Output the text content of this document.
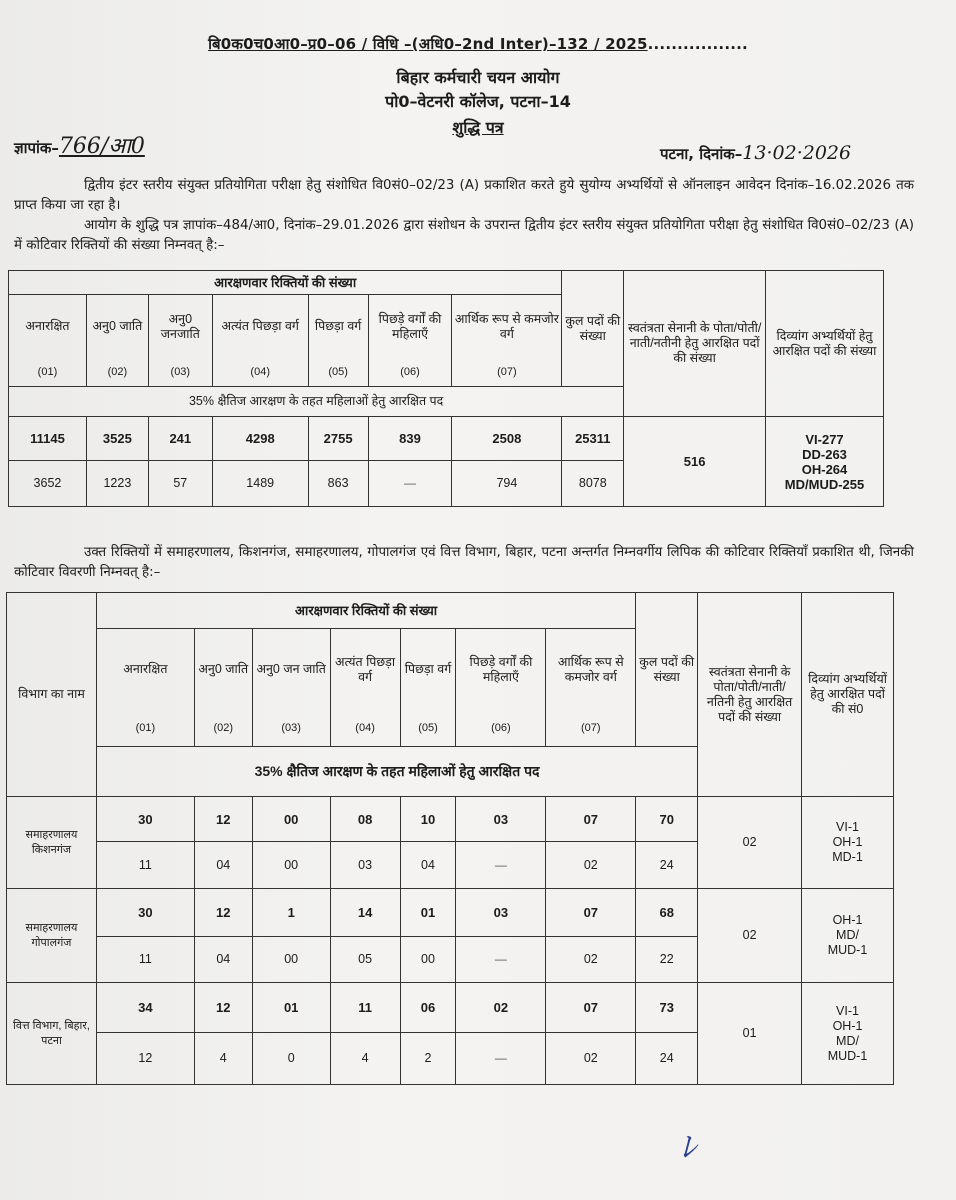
बि0क0च0आ0–प्र0–06 / विधि –(अधि0–2nd Inter)–132 / 2025.................
बिहार कर्मचारी चयन आयोग
पो0–वेटनरी कॉलेज, पटना–14
शुद्धि पत्र
ज्ञापांक–766/आ0	पटना, दिनांक–13·02·2026
द्वितीय इंटर स्तरीय संयुक्त प्रतियोगिता परीक्षा हेतु संशोधित वि0सं0–02/23 (A) प्रकाशित करते हुये सुयोग्य अभ्यर्थियों से ऑनलाइन आवेदन दिनांक–16.02.2026 तक प्राप्त किया जा रहा है।
आयोग के शुद्धि पत्र ज्ञापांक–484/आ0, दिनांक–29.01.2026 द्वारा संशोधन के उपरान्त द्वितीय इंटर स्तरीय संयुक्त प्रतियोगिता परीक्षा हेतु संशोधित वि0सं0–02/23 (A) में कोटिवार रिक्तियों की संख्या निम्नवत् है:–
आरक्षणवार रिक्तियों की संख्या							कुल पदों की संख्या	स्वतंत्रता सेनानी के पोता/पोती/नाती/नतीनी हेतु आरक्षित पदों की संख्या	दिव्यांग अभ्यर्थियों हेतु आरक्षित पदों की संख्या
अनारक्षित	अनु0 जाति	अनु0 जनजाति	अत्यंत पिछड़ा वर्ग	पिछड़ा वर्ग	पिछड़े वर्गों की महिलाएँ	आर्थिक रूप से कमजोर वर्ग			
(01)	(02)	(03)	(04)	(05)	(06)	(07)			
35% क्षैतिज आरक्षण के तहत महिलाओं हेतु आरक्षित पद									
11145	3525	241	4298	2755	839	2508	25311	516	VI-277
DD-263
OH-264
MD/MUD-255

3652	1223	57	1489	863	—	794	8078		
उक्त रिक्तियों में समाहरणालय, किशनगंज, समाहरणालय, गोपालगंज एवं वित्त विभाग, बिहार, पटना अन्तर्गत निम्नवर्गीय लिपिक की कोटिवार रिक्तियाँ प्रकाशित थी, जिनकी कोटिवार विवरणी निम्नवत् है:–
विभाग का नाम	आरक्षणवार रिक्तियों की संख्या							कुल पदों की संख्या	स्वतंत्रता सेनानी के पोता/पोती/नाती/ नतिनी हेतु आरक्षित पदों की संख्या	दिव्यांग अभ्यर्थियों हेतु आरक्षित पदों की सं0
	अनारक्षित	अनु0 जाति	अनु0 जन जाति	अत्यंत पिछड़ा वर्ग	पिछड़ा वर्ग	पिछड़े वर्गों की महिलाएँ	आर्थिक रूप से कमजोर वर्ग			
	(01)	(02)	(03)	(04)	(05)	(06)	(07)			
	35% क्षैतिज आरक्षण के तहत महिलाओं हेतु आरक्षित पद									
समाहरणालय किशनगंज	30	12	00	08	10	03	07	70	02	VI-1
OH-1
MD-1

	11	04	00	03	04	—	02	24		
समाहरणालय गोपालगंज	30	12	1	14	01	03	07	68	02	OH-1
MD/
MUD-1

	11	04	00	05	00	—	02	22		
वित्त विभाग, बिहार, पटना	34	12	01	11	06	02	07	73	01	VI-1
OH-1
MD/
MUD-1

	12	4	0	4	2	—	02	24		
ﾚ
